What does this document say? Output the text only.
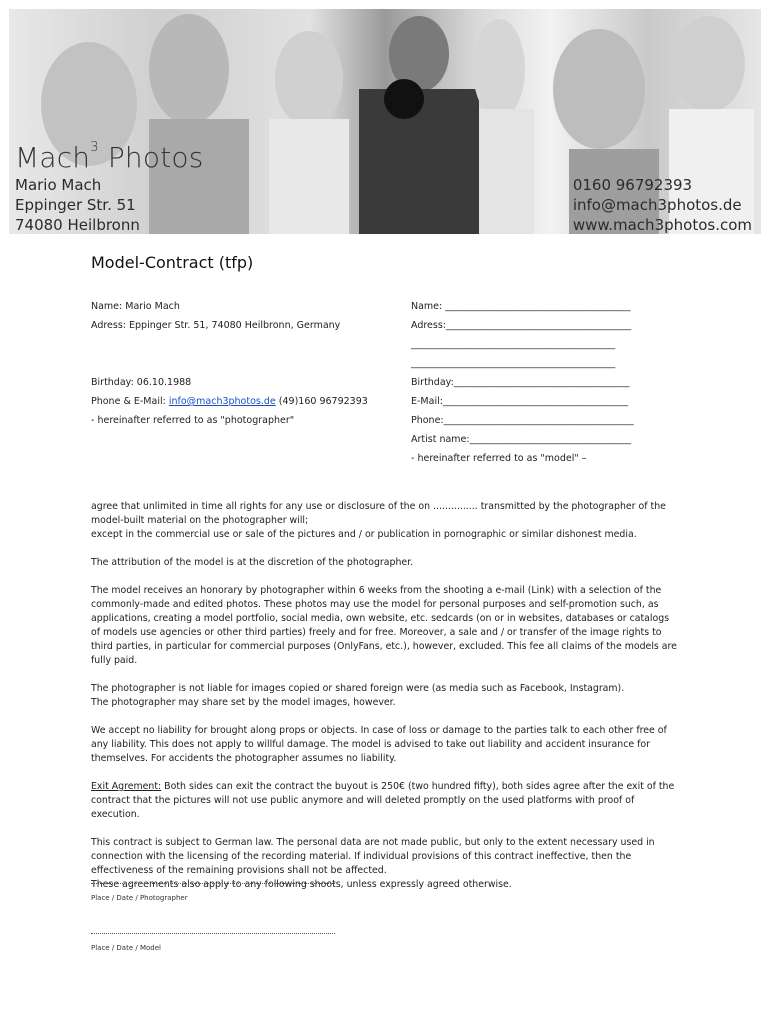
Mach$^3$ Photos
Mario Mach
Eppinger Str. 51
74080 Heilbronn
0160 96792393
info@mach3photos.de
www.mach3photos.com
Model-Contract (tfp)
Name: Mario Mach
Adress: Eppinger Str. 51, 74080 Heilbronn, Germany
Birthday: 06.10.1988
Phone & E-Mail: info@mach3photos.de (49)160 96792393
- hereinafter referred to as "photographer"
Name: _______________________________________
Adress:_______________________________________
___________________________________________
___________________________________________
Birthday:_____________________________________
E-Mail:_______________________________________
Phone:________________________________________
Artist name:__________________________________
- hereinafter referred to as "model" –

agree that unlimited in time all rights for any use or disclosure of the on ............... transmitted by the photographer of the model-built material on the photographer will;
except in the commercial use or sale of the pictures and / or publication in pornographic or similar dishonest media.

The attribution of the model is at the discretion of the photographer.

The model receives an honorary by photographer within 6 weeks from the shooting a e-mail (Link) with a selection of the commonly-made and edited photos. These photos may use the model for personal purposes and self-promotion such, as applications, creating a model portfolio, social media, own website, etc. sedcards (on or in websites, databases or catalogs of models use agencies or other third parties) freely and for free. Moreover, a sale and / or transfer of the image rights to third parties, in particular for commercial purposes (OnlyFans, etc.), however, excluded. This fee all claims of the models are fully paid.

The photographer is not liable for images copied or shared foreign were (as media such as Facebook, Instagram).
The photographer may share set by the model images, however.

We accept no liability for brought along props or objects. In case of loss or damage to the parties talk to each other free of any liability. This does not apply to willful damage. The model is advised to take out liability and accident insurance for themselves. For accidents the photographer assumes no liability.

Exit Agrement: Both sides can exit the contract the buyout is 250€ (two hundred fifty), both sides agree after the exit of the contract that the pictures will not use public anymore and will deleted promptly on the used platforms with proof of execution.

This contract is subject to German law. The personal data are not made public, but only to the extent necessary used in connection with the licensing of the recording material. If individual provisions of this contract ineffective, then the effectiveness of the remaining provisions shall not be affected.
These agreements also apply to any following shoots, unless expressly agreed otherwise.

Place / Date / Photographer
Place / Date / Model
